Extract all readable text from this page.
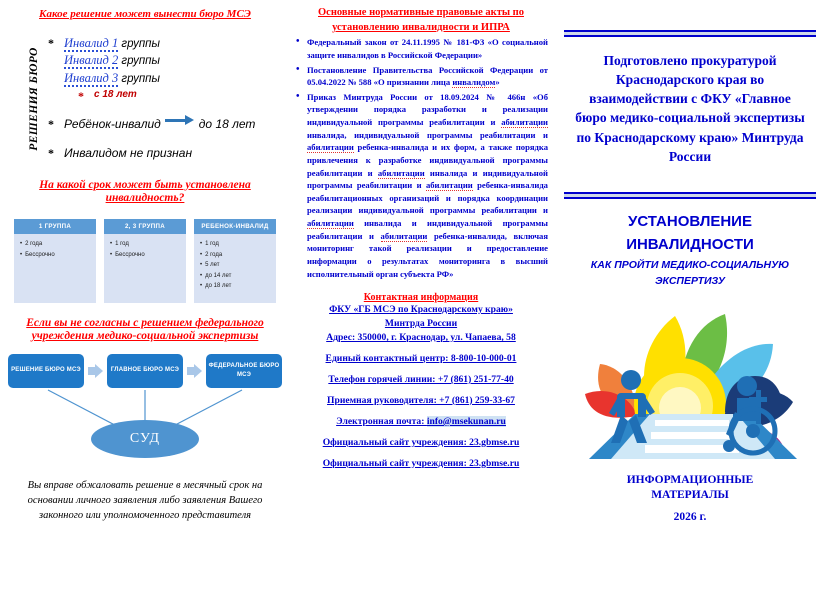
Какое решение может вынести бюро МСЭ
РЕШЕНИЯ БЮРО
* Инвалид 1 группы
Инвалид 2 группы
Инвалид 3 группы
*	с 18 лет
* Ребёнок-инвалид	до 18 лет
* Инвалидом не признан
На какой срок может быть установлена
инвалидность?
1 ГРУППА
• 2 года
• Бессрочно
2, 3 ГРУППА
• 1 год
• Бессрочно
РЕБЕНОК-ИНВАЛИД
• 1 год
• 2 года
• 5 лет
• до 14 лет
• до 18 лет
Если вы не согласны с решением федерального
учреждения медико-социальной экспертизы
РЕШЕНИЕ БЮРО МСЭ	ГЛАВНОЕ БЮРО МСЭ
ФЕДЕРАЛЬНОЕ БЮРО МСЭ
СУД
Вы вправе обжаловать решение в месячный срок на основании личного заявления либо заявления Вашего законного или уполномоченного представителя
Основные нормативные правовые акты по
установлению инвалидности и ИПРА
• Федеральный закон от 24.11.1995 № 181-ФЗ «О социальной защите инвалидов в Российской Федерации»
• Постановление Правительства Российской Федерации от 05.04.2022 № 588 «О признании лица инвалидом»
• Приказ Минтруда России от 18.09.2024 № 466н «Об утверждении порядка разработки и реализации индивидуальной программы реабилитации и абилитации инвалида, индивидуальной программы реабилитации и абилитации ребенка-инвалида и их форм, а также порядка привлечения к разработке индивидуальной программы реабилитации и абилитации инвалида и индивидуальной программы реабилитации и абилитации ребенка-инвалида реабилитационных организаций и порядка координации реализации индивидуальной программы реабилитации и абилитации инвалида и индивидуальной программы реабилитации и абилитации ребенка-инвалида, включая мониторинг такой реализации и предоставление информации о результатах мониторинга в высший исполнительный орган субъекта РФ»
Контактная информация
ФКУ «ГБ МСЭ по Краснодарскому краю»
Минтрда России
Адрес: 350000, г. Краснодар, ул. Чапаева, 58
Единый контактный центр: 8-800-10-000-01
Телефон горячей линии: +7 (861) 251-77-40
Приемная руководителя: +7 (861) 259-33-67
Электронная почта: info@msekunan.ru
Официальный сайт учреждения: 23.gbmse.ru
Официальный сайт учреждения: 23.gbmse.ru
Подготовлено прокуратурой Краснодарского края во взаимодействии с ФКУ «Главное бюро медико-социальной экспертизы по Краснодарскому краю» Минтруда России
УСТАНОВЛЕНИЕ
ИНВАЛИДНОСТИ
КАК ПРОЙТИ МЕДИКО-СОЦИАЛЬНУЮ
ЭКСПЕРТИЗУ
ИНФОРМАЦИОННЫЕ
МАТЕРИАЛЫ
2026 г.
